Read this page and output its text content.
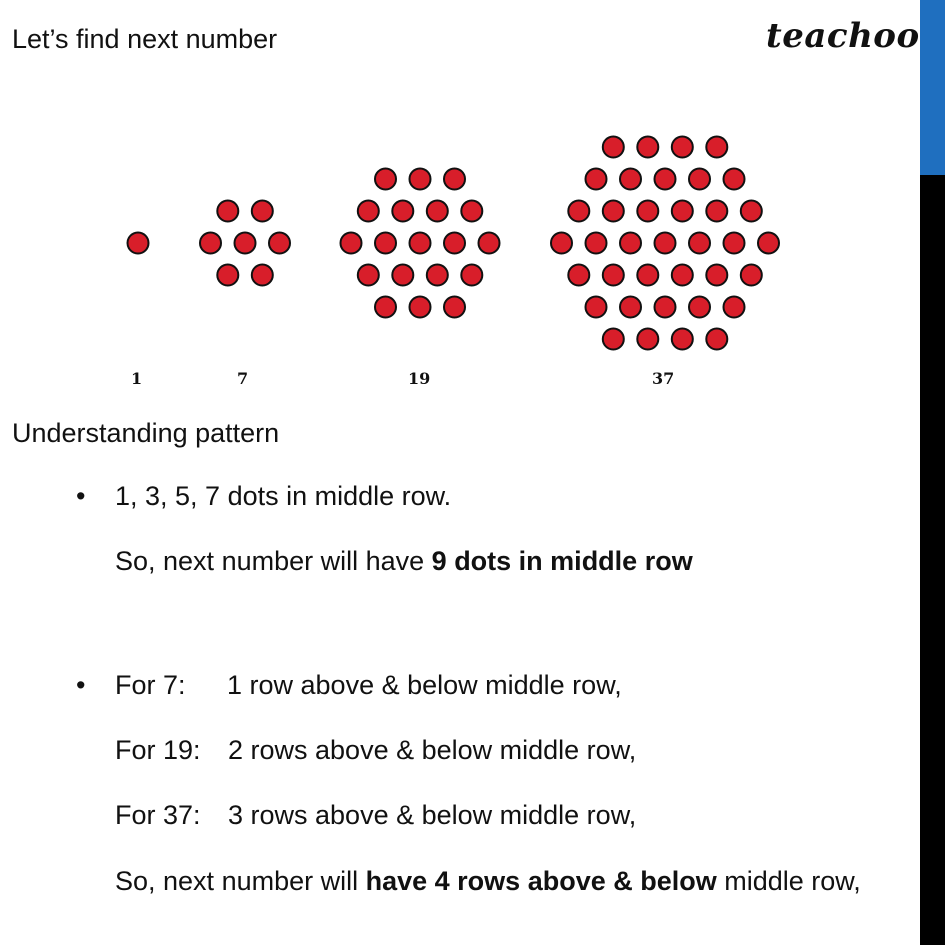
Let’s find next number	teachoo
1	7	19	37
Understanding pattern
• 1, 3, 5, 7 dots in middle row.
So, next number will have 9 dots in middle row
• For 7: 1 row above & below middle row,
For 19: 2 rows above & below middle row,
For 37: 3 rows above & below middle row,
So, next number will have 4 rows above & below middle row,
